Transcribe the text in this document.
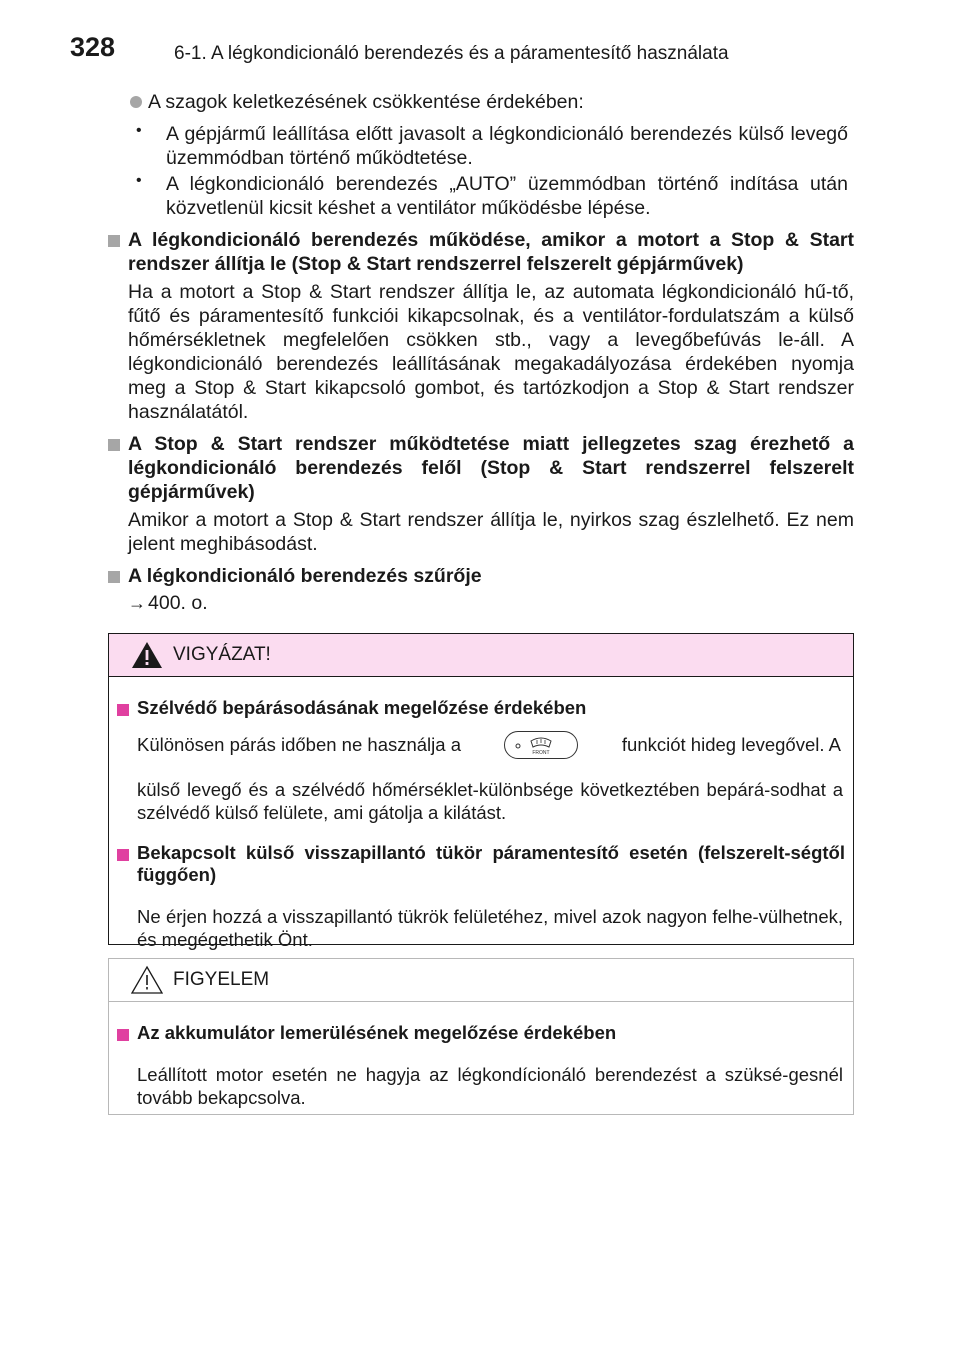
328	6-1. A légkondicionáló berendezés és a páramentesítő használata

A szagok keletkezésének csökkentése érdekében:

•	A gépjármű leállítása előtt javasolt a légkondicionáló berendezés külső levegő üzemmódban történő működtetése.

•	A légkondicionáló berendezés „AUTO” üzemmódban történő indítása után közvetlenül kicsit késhet a ventilátor működésbe lépése.

A légkondicionáló berendezés működése, amikor a motort a Stop & Start rendszer állítja le (Stop & Start rendszerrel felszerelt gépjárművek)

Ha a motort a Stop & Start rendszer állítja le, az automata légkondicionáló hű-tő, fűtő és páramentesítő funkciói kikapcsolnak, és a ventilátor-fordulatszám a külső hőmérsékletnek megfelelően csökken stb., vagy a levegőbefúvás le-áll. A légkondicionáló berendezés leállításának megakadályozása érdekében nyomja meg a Stop & Start kikapcsoló gombot, és tartózkodjon a Stop & Start rendszer használatától.

A Stop & Start rendszer működtetése miatt jellegzetes szag érezhető a légkondicionáló berendezés felől (Stop & Start rendszerrel felszerelt gépjárművek)

Amikor a motort a Stop & Start rendszer állítja le, nyirkos szag észlelhető. Ez nem jelent meghibásodást.

A légkondicionáló berendezés szűrője

→ 400. o.
VIGYÁZAT!

Szélvédő bepárásodásának megelőzése érdekében

Különösen párás időben ne használja a	FRONT	funkciót hideg levegővel. A

külső levegő és a szélvédő hőmérséklet-különbsége következtében bepárá-sodhat a szélvédő külső felülete, ami gátolja a kilátást.

Bekapcsolt külső visszapillantó tükör páramentesítő esetén (felszerelt-ségtől függően)

Ne érjen hozzá a visszapillantó tükrök felületéhez, mivel azok nagyon felhe-vülhetnek, és megégethetik Önt.

FIGYELEM

Az akkumulátor lemerülésének megelőzése érdekében

Leállított motor esetén ne hagyja az légkondícionáló berendezést a szüksé-gesnél tovább bekapcsolva.
